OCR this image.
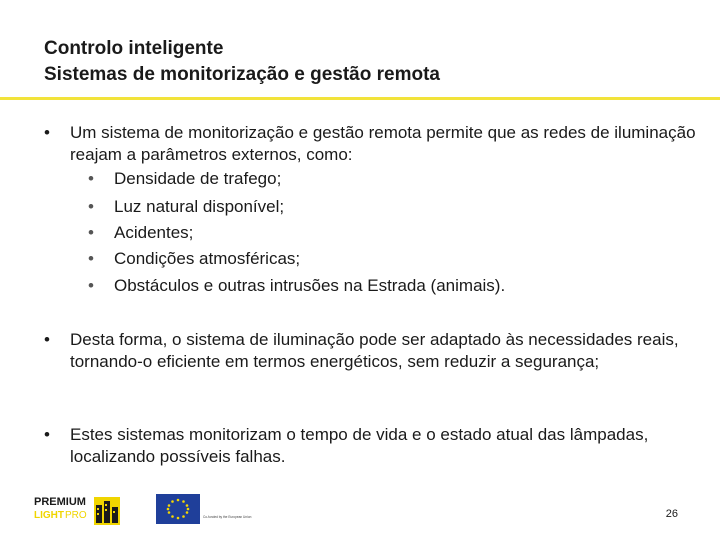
Controlo inteligente
Sistemas de monitorização e gestão remota
• Um sistema de monitorização e gestão remota permite que as redes de iluminação reajam a parâmetros externos, como:
• Densidade de trafego;
• Luz natural disponível;
• Acidentes;
• Condições atmosféricas;
• Obstáculos e outras intrusões na Estrada (animais).
• Desta forma, o sistema de iluminação pode ser adaptado às necessidades reais, tornando-o eficiente em termos energéticos, sem reduzir a segurança;
• Estes sistemas monitorizam o tempo de vida e o estado atual das lâmpadas, localizando possíveis falhas.
PREMIUM
LIGHT PRO	Co-funded by the European Union	26
